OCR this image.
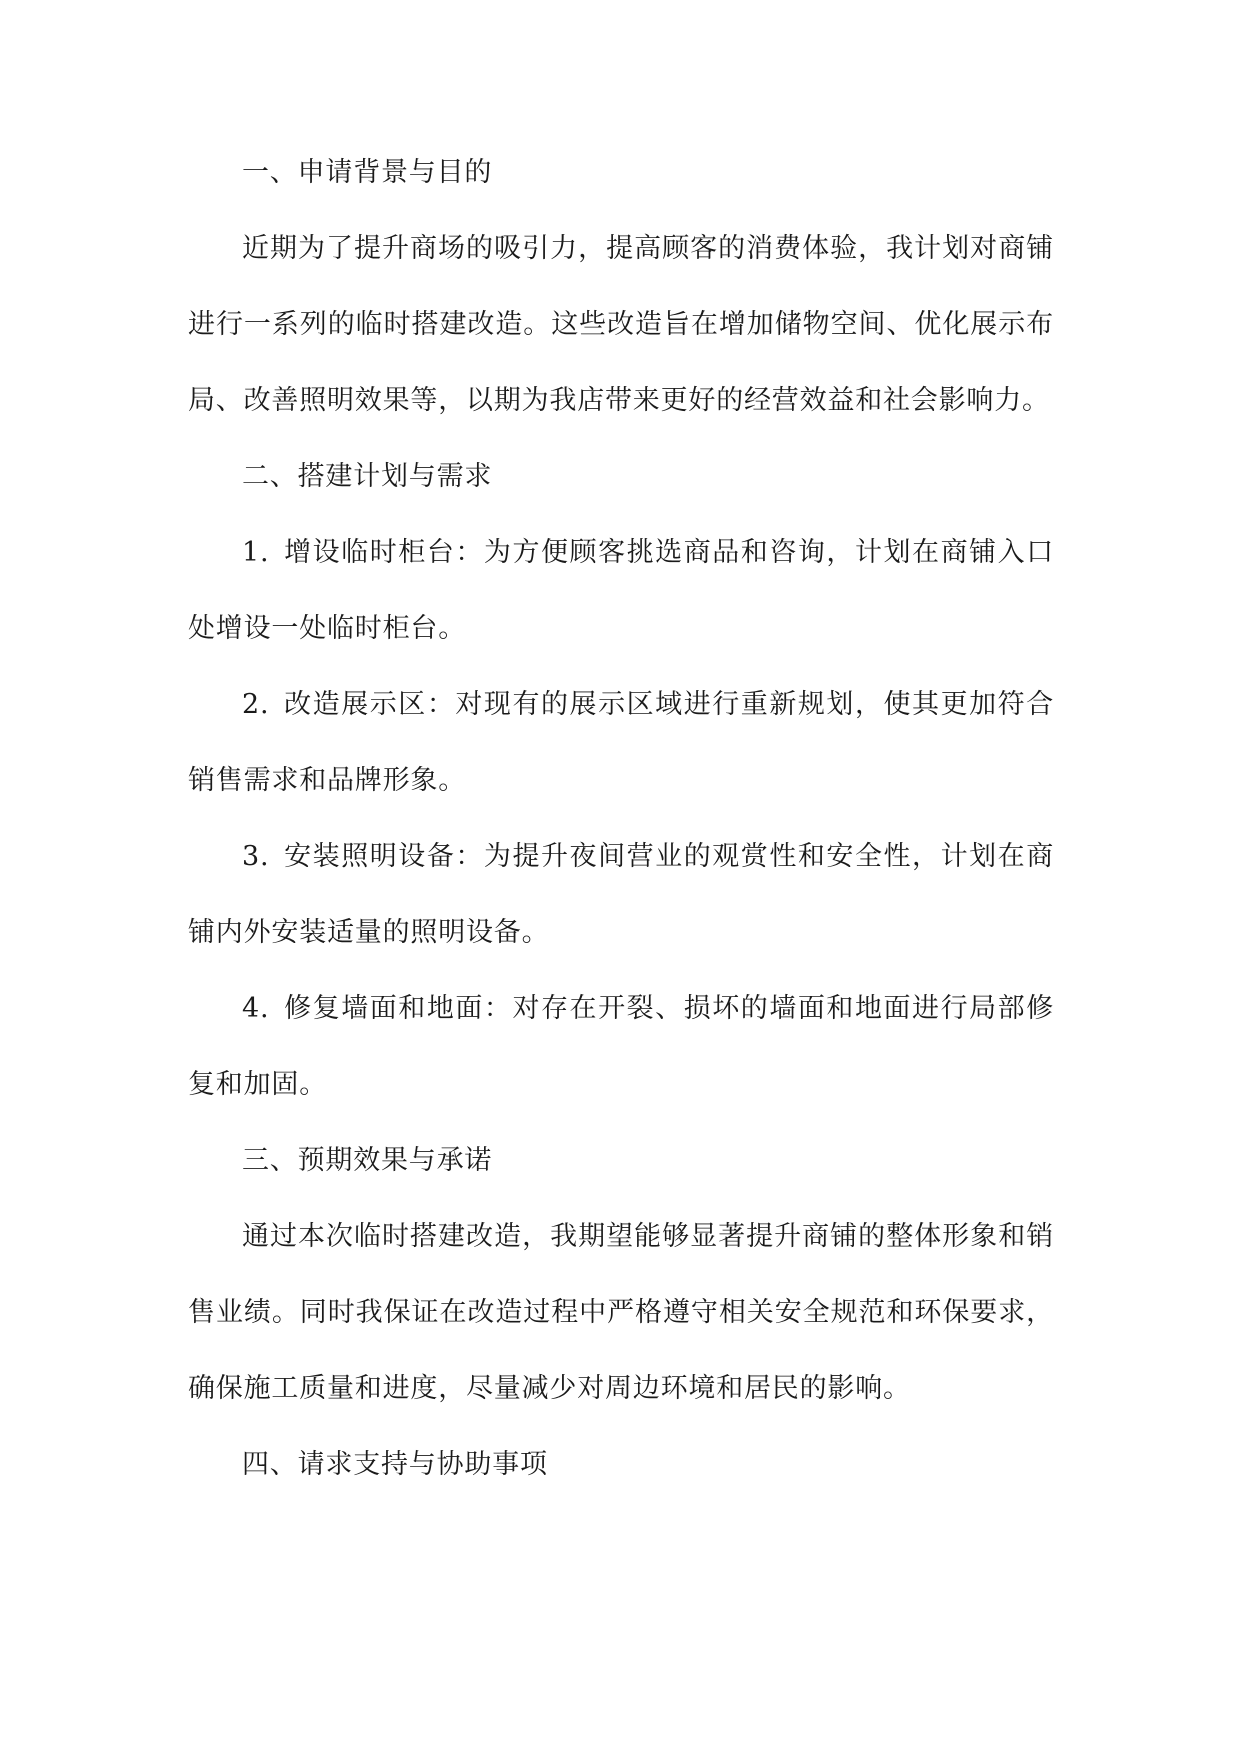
一、申请背景与目的

近期为了提升商场的吸引力，提高顾客的消费体验，我计划对商铺进行一系列的临时搭建改造。这些改造旨在增加储物空间、优化展示布局、改善照明效果等，以期为我店带来更好的经营效益和社会影响力。

二、搭建计划与需求

1. 增设临时柜台：为方便顾客挑选商品和咨询，计划在商铺入口处增设一处临时柜台。

2. 改造展示区：对现有的展示区域进行重新规划，使其更加符合销售需求和品牌形象。

3. 安装照明设备：为提升夜间营业的观赏性和安全性，计划在商铺内外安装适量的照明设备。

4. 修复墙面和地面：对存在开裂、损坏的墙面和地面进行局部修复和加固。

三、预期效果与承诺

通过本次临时搭建改造，我期望能够显著提升商铺的整体形象和销售业绩。同时我保证在改造过程中严格遵守相关安全规范和环保要求，确保施工质量和进度，尽量减少对周边环境和居民的影响。

四、请求支持与协助事项
